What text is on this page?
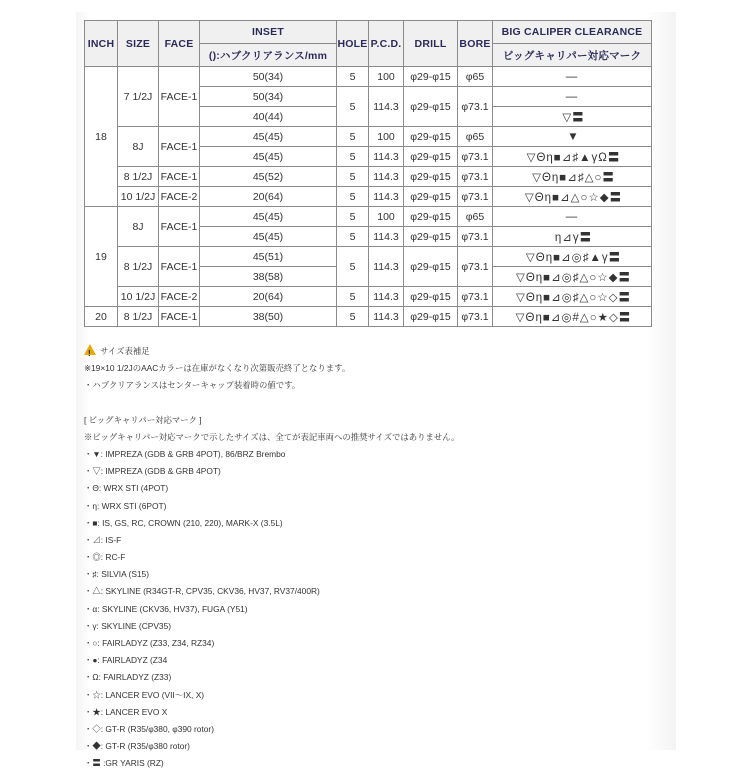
INCH	SIZE	FACE	INSET	HOLE	P.C.D.	DRILL	BORE	BIG CALIPER CLEARANCE
			():ハブクリアランス/mm					ビッグキャリパー対応マーク
18	7 1/2J	FACE-1	50(34)	5	100	φ29-φ15	φ65	—
			50(34)	5	114.3	φ29-φ15	φ73.1	—
			40(44)					▽〓
	8J	FACE-1	45(45)	5	100	φ29-φ15	φ65	▼
			45(45)	5	114.3	φ29-φ15	φ73.1	▽Θη■⊿♯▲γΩ〓
	8 1/2J	FACE-1	45(52)	5	114.3	φ29-φ15	φ73.1	▽Θη■⊿♯△○〓
	10 1/2J	FACE-2	20(64)	5	114.3	φ29-φ15	φ73.1	▽Θη■⊿△○☆◆〓
19	8J	FACE-1	45(45)	5	100	φ29-φ15	φ65	—
			45(45)	5	114.3	φ29-φ15	φ73.1	η⊿γ〓
	8 1/2J	FACE-1	45(51)	5	114.3	φ29-φ15	φ73.1	▽Θη■⊿◎♯▲γ〓
			38(58)					▽Θη■⊿◎♯△○☆◆〓
	10 1/2J	FACE-2	20(64)	5	114.3	φ29-φ15	φ73.1	▽Θη■⊿◎♯△○☆◇〓
20	8 1/2J	FACE-1	38(50)	5	114.3	φ29-φ15	φ73.1	▽Θη■⊿◎#△○★◇〓
!サイズ表補足
※19×10 1/2JのAACカラーは在庫がなくなり次第販売終了となります。
・ハブクリアランスはセンターキャップ装着時の値です。
[ ビッグキャリパー対応マーク ]
※ビッグキャリパー対応マークで示したサイズは、全てが表記車両への推奨サイズではありません。
・▼: IMPREZA (GDB & GRB 4POT), 86/BRZ Brembo
・▽: IMPREZA (GDB & GRB 4POT)
・Θ: WRX STI (4POT)
・η: WRX STI (6POT)
・■: IS, GS, RC, CROWN (210, 220), MARK-X (3.5L)
・⊿: IS-F
・◎: RC-F
・♯: SILVIA (S15)
・△: SKYLINE (R34GT-R, CPV35, CKV36, HV37, RV37/400R)
・α: SKYLINE (CKV36, HV37), FUGA (Y51)
・γ: SKYLINE (CPV35)
・○: FAIRLADYZ (Z33, Z34, RZ34)
・●: FAIRLADYZ (Z34
・Ω: FAIRLADYZ (Z33)
・☆: LANCER EVO (VII〜IX, X)
・★: LANCER EVO X
・◇: GT-R (R35/φ380, φ390 rotor)
・◆: GT-R (R35/φ380 rotor)
・〓 :GR YARIS (RZ)
